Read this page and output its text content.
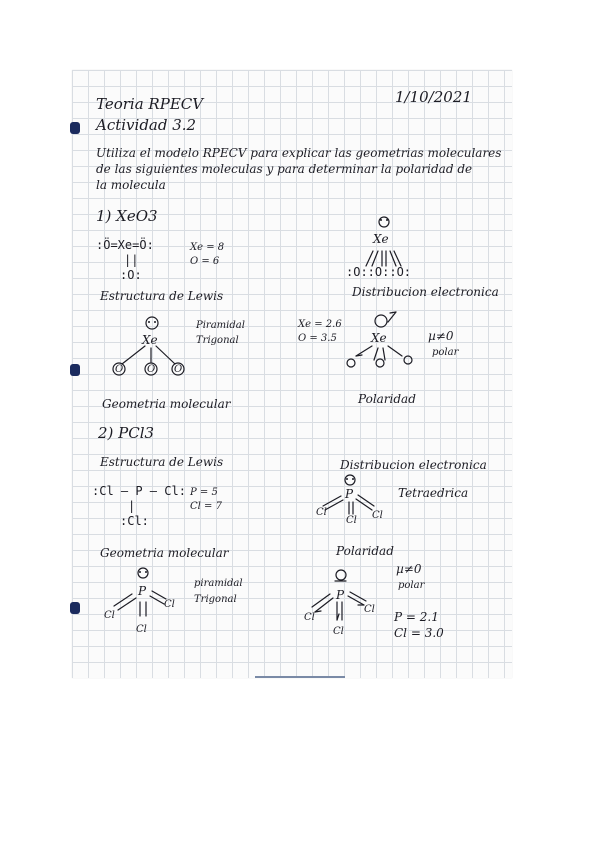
Teoria RPECV

Actividad 3.2

1/10/2021

Utiliza el modelo RPECV para explicar las geometrias moleculares

de las siguientes moleculas y para determinar la polaridad de

la molecula

1) XeO3

:Ö=Xe=Ö:

||

:O:

Xe = 8

O = 6

Estructura de Lewis

Xe

:O::O::O:

Distribucion electronica

Xe

O O O

Piramidal

Trigonal

Geometria molecular

Xe

Xe = 2.6

O = 3.5	µ≠0

polar

Polaridad

2) PCl3

Estructura de Lewis

:Cl – P – Cl:

|

:Cl:

P = 5

Cl = 7

Distribucion electronica

P

Cl

Cl Cl

Tetraedrica

Geometria molecular

P

Cl

Cl

Cl

piramidal

Trigonal

Polaridad

P

Cl

Cl

Cl

µ≠0

polar

P = 2.1

Cl = 3.0
